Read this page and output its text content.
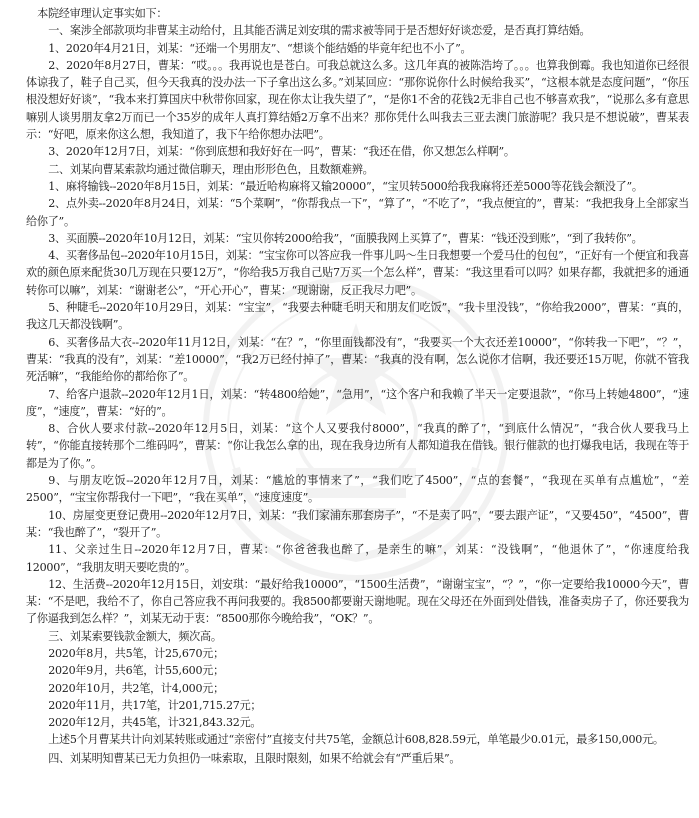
本院经审理认定事实如下：

一、案涉全部款项均非曹某主动给付，且其能否满足刘安琪的需求被等同于是否想好好谈恋爱，是否真打算结婚。

1、2020年4月21日，刘某：“还端一个男朋友”、“想谈个能结婚的毕竟年纪也不小了”。

2、2020年8月27日，曹某：“哎。。。我再说也是苍白。可我总就这么多。这几年真的被陈浩垮了。。。也算我倒霉。我也知道你已经很体谅我了，鞋子自己买，但今天我真的没办法一下子拿出这么多。”刘某回应：“那你说你什么时候给我买”，“这根本就是态度问题”，“你压根没想好好谈”，“我本来打算国庆中秋带你回家，现在你太让我失望了”，“是你1不舍的花钱2无非自己也不够喜欢我”，“说那么多有意思嘛别人谈男朋友拿2万而已一个35岁的成年人真打算结婚2万拿不出来？那你凭什么叫我去三亚去澳门旅游呢？我只是不想说破”，曹某表示：“好吧，原来你这么想，我知道了，我下午给你想办法吧”。

3、2020年12月7日，刘某：“你到底想和我好好在一吗”，曹某：“我还在借，你又想怎么样啊”。

二、刘某向曹某索款均通过微信聊天，理由形形色色，且数额难辨。

1、麻将输钱--2020年8月15日，刘某：“最近哈构麻将又输20000”，“宝贝转5000给我我麻将还差5000等花钱会额没了”。

2、点外卖--2020年8月24日，刘某：“5个菜啊”，“你帮我点一下”，“算了”，“不吃了”，“我点便宜的”，曹某：“我把我身上全部家当给你了”。

3、买面膜--2020年10月12日，刘某：“宝贝你转2000给我”，“面膜我网上买算了”，曹某：“钱还没到账”，“到了我转你”。

4、买奢侈品包--2020年10月15日，刘某：“宝宝你可以答应我一件事儿吗～生日我想要一个爱马仕的包包”，“正好有一个便宜和我喜欢的颜色原来配货30几万现在只要12万”，“你给我5万我自己贴7万买一个怎么样”，曹某：“我这里看可以吗？如果存都，我就把多的通通转你可以嘛”，刘某：“谢谢老公”，“开心开心”，曹某：“现谢谢，反正我尽力吧”。

5、种睫毛--2020年10月29日，刘某：“宝宝”，“我要去种睫毛明天和朋友们吃饭”，“我卡里没钱”，“你给我2000”，曹某：“真的，我这几天都没钱啊”。

6、买奢侈品大衣--2020年11月12日，刘某：“在？”，“你里面钱都没有”，“我要买一个大衣还差10000”，“你转我一下吧”，“？”，曹某：“我真的没有”，刘某：“差10000”，“我2万已经付掉了”，曹某：“我真的没有啊，怎么说你才信啊，我还要还15万呢，你就不管我死活嘛”，“我能给你的都给你了”。

7、给客户退款--2020年12月1日，刘某：“转4800给她”，“急用”，“这个客户和我赖了半天一定要退款”，“你马上转她4800”，“速度”，“速度”，曹某：“好的”。

8、合伙人要求付款--2020年12月5日，刘某：“这个人又要我付8000”，“我真的醉了”，“到底什么情况”，“我合伙人要我马上转”，“你能直接转那个二维码吗”，曹某：“你让我怎么拿的出，现在我身边所有人都知道我在借钱。银行催款的也打爆我电话，我现在等于都是为了你。”。

9、与朋友吃饭--2020年12月7日，刘某：“尴尬的事情来了”，“我们吃了4500”，“点的套餐”，“我现在买单有点尴尬”，“差2500”，“宝宝你帮我付一下吧”，“我在买单”，“速度速度”。

10、房屋变更登记费用--2020年12月7日，刘某：“我们家浦东那套房子”，“不是卖了吗”，“要去跟产证”，“又要450”，“4500”，曹某：“我也醉了”，“裂开了”。

11、父亲过生日--2020年12月7日，曹某：“你爸爸我也醉了，是亲生的嘛”，刘某：“没钱啊”，“他退休了”，“你速度给我12000”，“我朋友明天要吃贵的”。

12、生活费--2020年12月15日，刘安琪：“最好给我10000”，“1500生活费”，“谢谢宝宝”，“？”，“你一定要给我10000今天”，曹某：“不是吧，我给不了，你自己答应我不再问我要的。我8500都要谢天谢地呢。现在父母还在外面到处借钱，准备卖房子了，你还要我为了你逼我到怎么样？”，刘某无动于衷：“8500那你今晚给我”，“OK？”。

三、刘某索要钱款金额大，频次高。

2020年8月，共5笔，计25,670元；

2020年9月，共6笔，计55,600元；

2020年10月，共2笔，计4,000元；

2020年11月，共17笔，计201,715.27元；

2020年12月，共45笔，计321,843.32元。

上述5个月曹某共计向刘某转账或通过“亲密付”直接支付共75笔，金额总计608,828.59元，单笔最少0.01元，最多150,000元。

四、刘某明知曹某已无力负担仍一味索取，且限时限刻，如果不给就会有“严重后果”。
